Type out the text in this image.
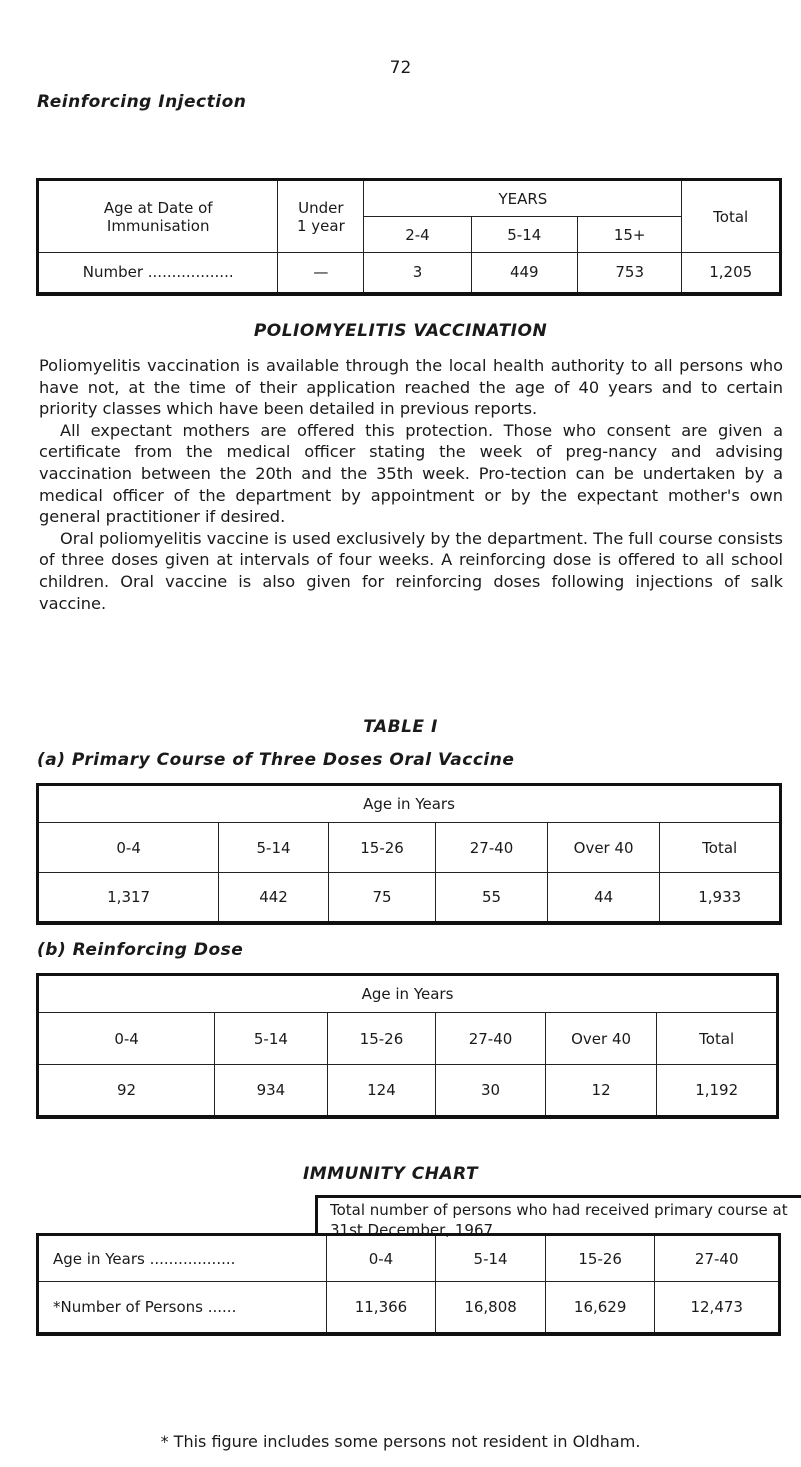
72
Reinforcing Injection
Age at Date of Immunisation	Under 1 year	YEARS			Total
		2-4	5-14	15+	
Number ..................	—	3	449	753	1,205
POLIOMYELITIS VACCINATION

Poliomyelitis vaccination is available through the local health authority to all persons who have not, at the time of their application reached the age of 40 years and to certain priority classes which have been detailed in previous reports.

All expectant mothers are offered this protection. Those who consent are given a certificate from the medical officer stating the week of preg-nancy and advising vaccination between the 20th and the 35th week. Pro-tection can be undertaken by a medical officer of the department by appointment or by the expectant mother's own general practitioner if desired.

Oral poliomyelitis vaccine is used exclusively by the department. The full course consists of three doses given at intervals of four weeks. A reinforcing dose is offered to all school children. Oral vaccine is also given for reinforcing doses following injections of salk vaccine.

TABLE I
(a) Primary Course of Three Doses Oral Vaccine
Age in Years					
0-4	5-14	15-26	27-40	Over 40	Total
1,317	442	75	55	44	1,933
(b) Reinforcing Dose
Age in Years					
0-4	5-14	15-26	27-40	Over 40	Total
92	934	124	30	12	1,192
IMMUNITY CHART
Total number of persons who had received primary course at 31st December, 1967
Age in Years ..................	0-4	5-14	15-26	27-40
*Number of Persons ......	11,366	16,808	16,629	12,473
* This figure includes some persons not resident in Oldham.
